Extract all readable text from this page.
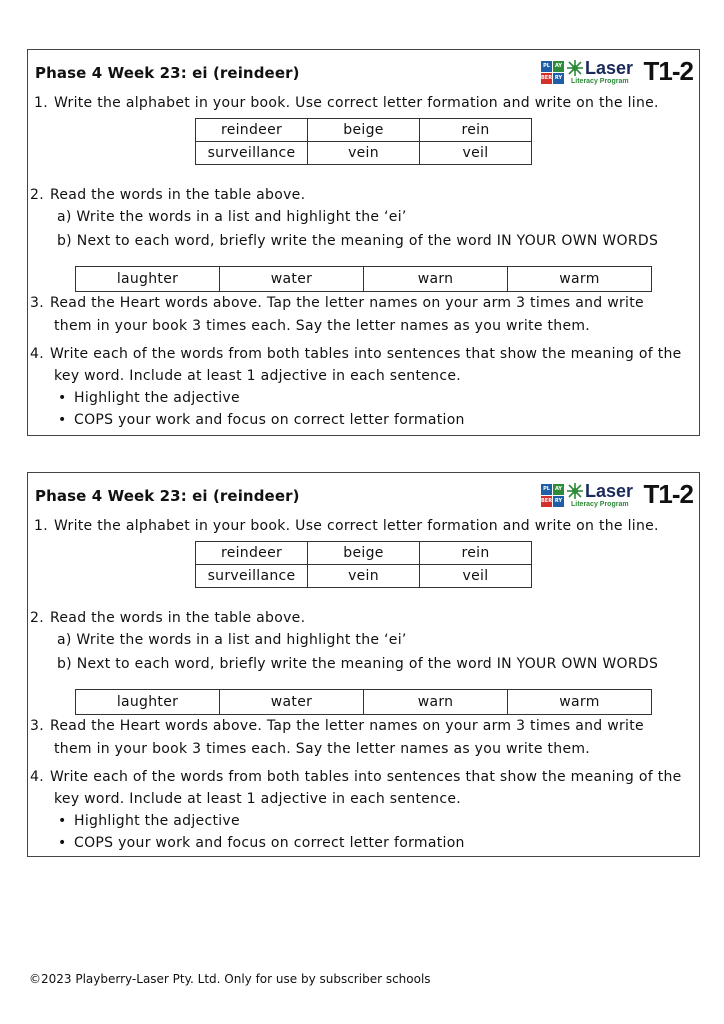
Phase 4 Week 23: ei (reindeer)	PL	AY
BER RY Laser
Literacy Program T1-2
1. Write the alphabet in your book. Use correct letter formation and write on the line.
reindeer	beige	rein
surveillance	vein	veil
2. Read the words in the table above.
a) Write the words in a list and highlight the ‘ei’
b) Next to each word, briefly write the meaning of the word IN YOUR OWN WORDS
laughter	water	warn	warm
3. Read the Heart words above. Tap the letter names on your arm 3 times and write
them in your book 3 times each. Say the letter names as you write them.
4. Write each of the words from both tables into sentences that show the meaning of the
key word. Include at least 1 adjective in each sentence.
• Highlight the adjective
• COPS your work and focus on correct letter formation
Phase 4 Week 23: ei (reindeer)	PL	AY
BER RY Laser
Literacy Program T1-2
1. Write the alphabet in your book. Use correct letter formation and write on the line.
reindeer	beige	rein
surveillance	vein	veil
2. Read the words in the table above.
a) Write the words in a list and highlight the ‘ei’
b) Next to each word, briefly write the meaning of the word IN YOUR OWN WORDS
laughter	water	warn	warm
3. Read the Heart words above. Tap the letter names on your arm 3 times and write
them in your book 3 times each. Say the letter names as you write them.
4. Write each of the words from both tables into sentences that show the meaning of the
key word. Include at least 1 adjective in each sentence.
• Highlight the adjective
• COPS your work and focus on correct letter formation
©2023 Playberry-Laser Pty. Ltd. Only for use by subscriber schools
